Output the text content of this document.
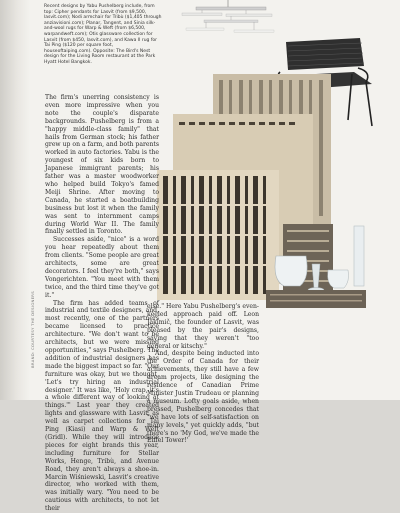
Recent designs by Yabu Pushelberg include, from top: Cipher pendants for Lasvit (from $9,500, lasvit.com); Nodi armchair for Tribù ($1,405 through anziavisioni.com); Planar, Tangent, and Sinia silk-and-wool rugs for Warp & Weft (from $6,500, warpandweft.com); Otis glassware collection for Lasvit (from $450, lasvit.com), and Kawa II rug for Tai Ping ($120 per square foot, houseoftaiping.com). Opposite: The Bird's Nest design for the Living Room restaurant at the Park Hyatt Hotel Bangkok.

The firm's unerring consistency is even more impressive when you note the couple's disparate backgrounds. Pushelberg is from a "happy middle-class family" that hails from German stock; his father grew up on a farm, and both parents worked in auto factories. Yabu is the youngest of six kids born to Japanese immigrant parents; his father was a master woodworker who helped build Tokyo's famed Meiji Shrine. After moving to Canada, he started a boatbuilding business but lost it when the family was sent to internment camps during World War II. The family finally settled in Toronto.

Successes aside, "nice" is a word you hear repeatedly about them from clients. "Some people are great architects, some are great decorators. I feel they're both," says Vongerichten. "You meet with them twice, and the third time they've got it."

The firm has added teams of industrial and textile designers, and, most recently, one of the partners became licensed to practice architecture. "We don't want to be architects, but we were missing opportunities," says Pushelberg. The addition of industrial designers has made the biggest impact so far. "Our furniture was okay, but we thought, 'Let's try hiring an industrial designer.' It was like, 'Holy crap, it's a whole different way of looking at things.'" Last year they created lights and glassware with Lasvit, as well as carpet collections for Tai Ping (Kiasi) and Warp & Weft (Gridl). While they will introduce pieces for eight brands this year, including furniture for Stellar Works, Henge, Tribù, and Avenue Road, they aren't always a shoe-in. Marcin Wiśniewski, Lasvit's creative director, who worked with them, was initially wary. "You need to be cautious with architects, to not let their

else." Here Yabu Pushelberg's even-keeled approach paid off. Leon Jakimič, the founder of Lasvit, was pleased by the pair's designs, saying that they weren't "too general or kitschy."

And, despite being inducted into the Order of Canada for their achievements, they still have a few dream projects, like designing the residence of Canadian Prime Minister Justin Trudeau or planning a museum. Lofty goals aside, when pressed, Pushelberg concedes that "we have lots of self-satisfaction on many levels," yet quickly adds, "but there's no 'My God, we've made the Eiffel Tower!'

BRAND: COURTESY THE DESIGNERS
